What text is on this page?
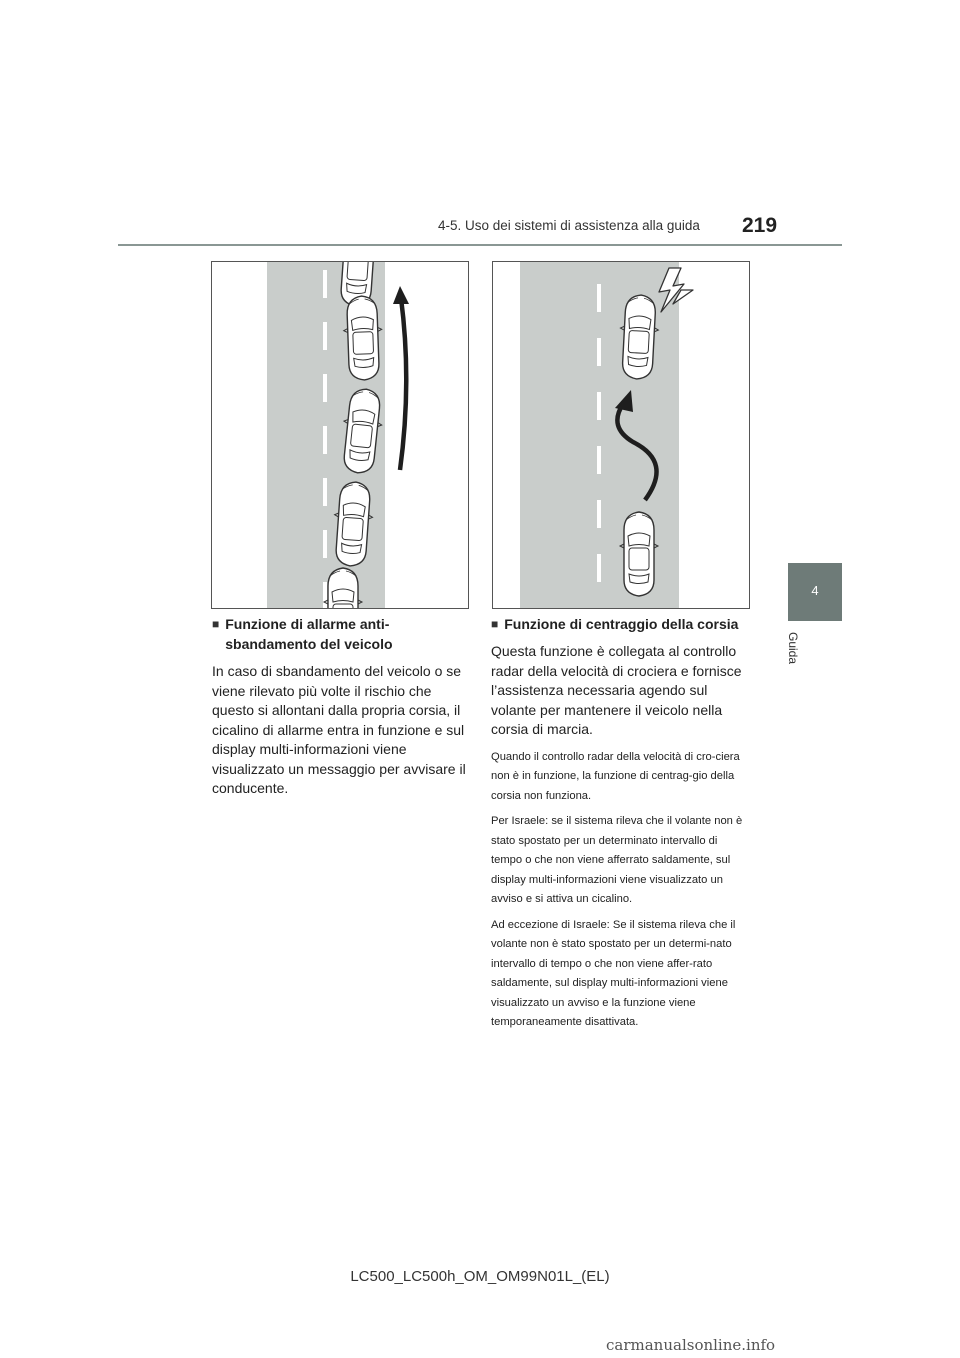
4-5. Uso dei sistemi di assistenza alla guida 219
4
Guida
■ Funzione di allarme anti-sbandamento del veicolo

In caso di sbandamento del veicolo o se viene rilevato più volte il rischio che questo si allontani dalla propria corsia, il cicalino di allarme entra in funzione e sul display multi-informazioni viene visualizzato un messaggio per avvisare il conducente.

■ Funzione di centraggio della corsia

Questa funzione è collegata al controllo radar della velocità di crociera e fornisce l’assistenza necessaria agendo sul volante per mantenere il veicolo nella corsia di marcia.

Quando il controllo radar della velocità di cro-ciera non è in funzione, la funzione di centrag-gio della corsia non funziona.

Per Israele: se il sistema rileva che il volante non è stato spostato per un determinato intervallo di tempo o che non viene afferrato saldamente, sul display multi-informazioni viene visualizzato un avviso e si attiva un cicalino.

Ad eccezione di Israele: Se il sistema rileva che il volante non è stato spostato per un determi-nato intervallo di tempo o che non viene affer-rato saldamente, sul display multi-informazioni viene visualizzato un avviso e la funzione viene temporaneamente disattivata.

LC500_LC500h_OM_OM99N01L_(EL)
carmanualsonline.info
